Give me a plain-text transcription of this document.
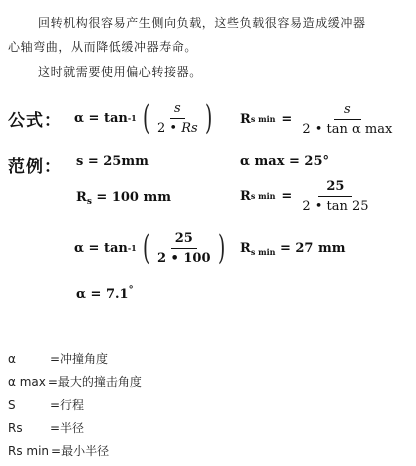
回转机构很容易产生侧向负载，这些负载很容易造成缓冲器
心轴弯曲，从而降低缓冲器寿命。
这时就需要使用偏心转接器。
公式： α = tan -1 ( $\frac{s}{2 • Rs}$ ) R s $\min = \frac{s}{\text{2 • tan α max}}$
范例： s = 25mm	α max = 25°
$R_s = 100$ mm	R s $\min = \frac{25}{2 • \tan 25}$
α = tan -1 ( $\frac{25}{2 • 100}$ ) $R_{s min} = 27$ mm
α = 7.1°
α	=冲撞角度
α max =最大的撞击角度
S	=行程
Rs =半径
Rs min =最小半径
